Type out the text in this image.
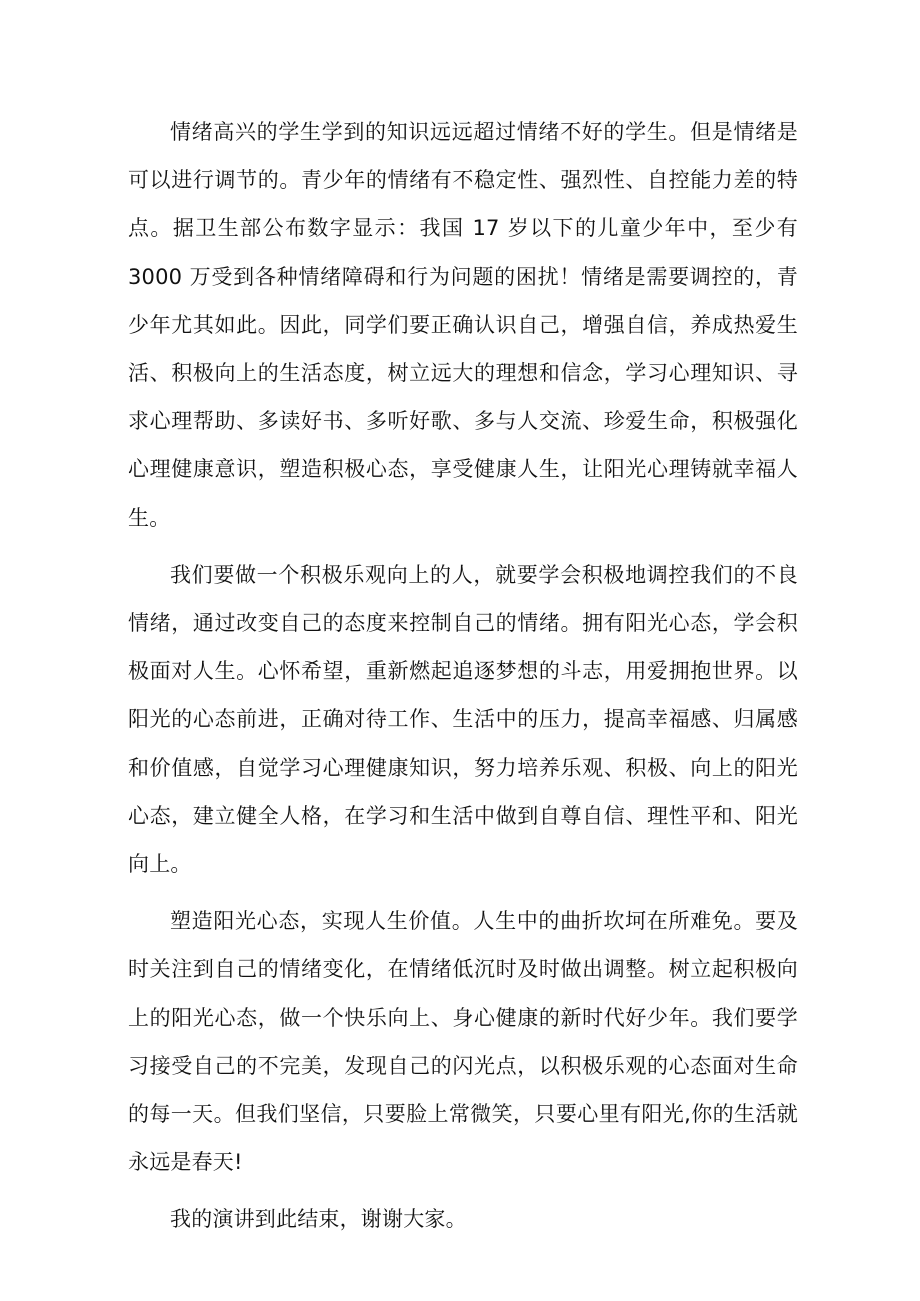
情绪高兴的学生学到的知识远远超过情绪不好的学生。但是情绪是可以进行调节的。青少年的情绪有不稳定性、强烈性、自控能力差的特点。据卫生部公布数字显示：我国 17 岁以下的儿童少年中，至少有 3000 万受到各种情绪障碍和行为问题的困扰！情绪是需要调控的，青少年尤其如此。因此，同学们要正确认识自己，增强自信，养成热爱生活、积极向上的生活态度，树立远大的理想和信念，学习心理知识、寻求心理帮助、多读好书、多听好歌、多与人交流、珍爱生命，积极强化心理健康意识，塑造积极心态，享受健康人生，让阳光心理铸就幸福人生。

我们要做一个积极乐观向上的人，就要学会积极地调控我们的不良情绪，通过改变自己的态度来控制自己的情绪。拥有阳光心态，学会积极面对人生。心怀希望，重新燃起追逐梦想的斗志，用爱拥抱世界。以阳光的心态前进，正确对待工作、生活中的压力，提高幸福感、归属感和价值感，自觉学习心理健康知识，努力培养乐观、积极、向上的阳光心态，建立健全人格，在学习和生活中做到自尊自信、理性平和、阳光向上。

塑造阳光心态，实现人生价值。人生中的曲折坎坷在所难免。要及时关注到自己的情绪变化，在情绪低沉时及时做出调整。树立起积极向上的阳光心态，做一个快乐向上、身心健康的新时代好少年。我们要学习接受自己的不完美，发现自己的闪光点，以积极乐观的心态面对生命的每一天。但我们坚信，只要脸上常微笑，只要心里有阳光,你的生活就永远是春天!

我的演讲到此结束，谢谢大家。
